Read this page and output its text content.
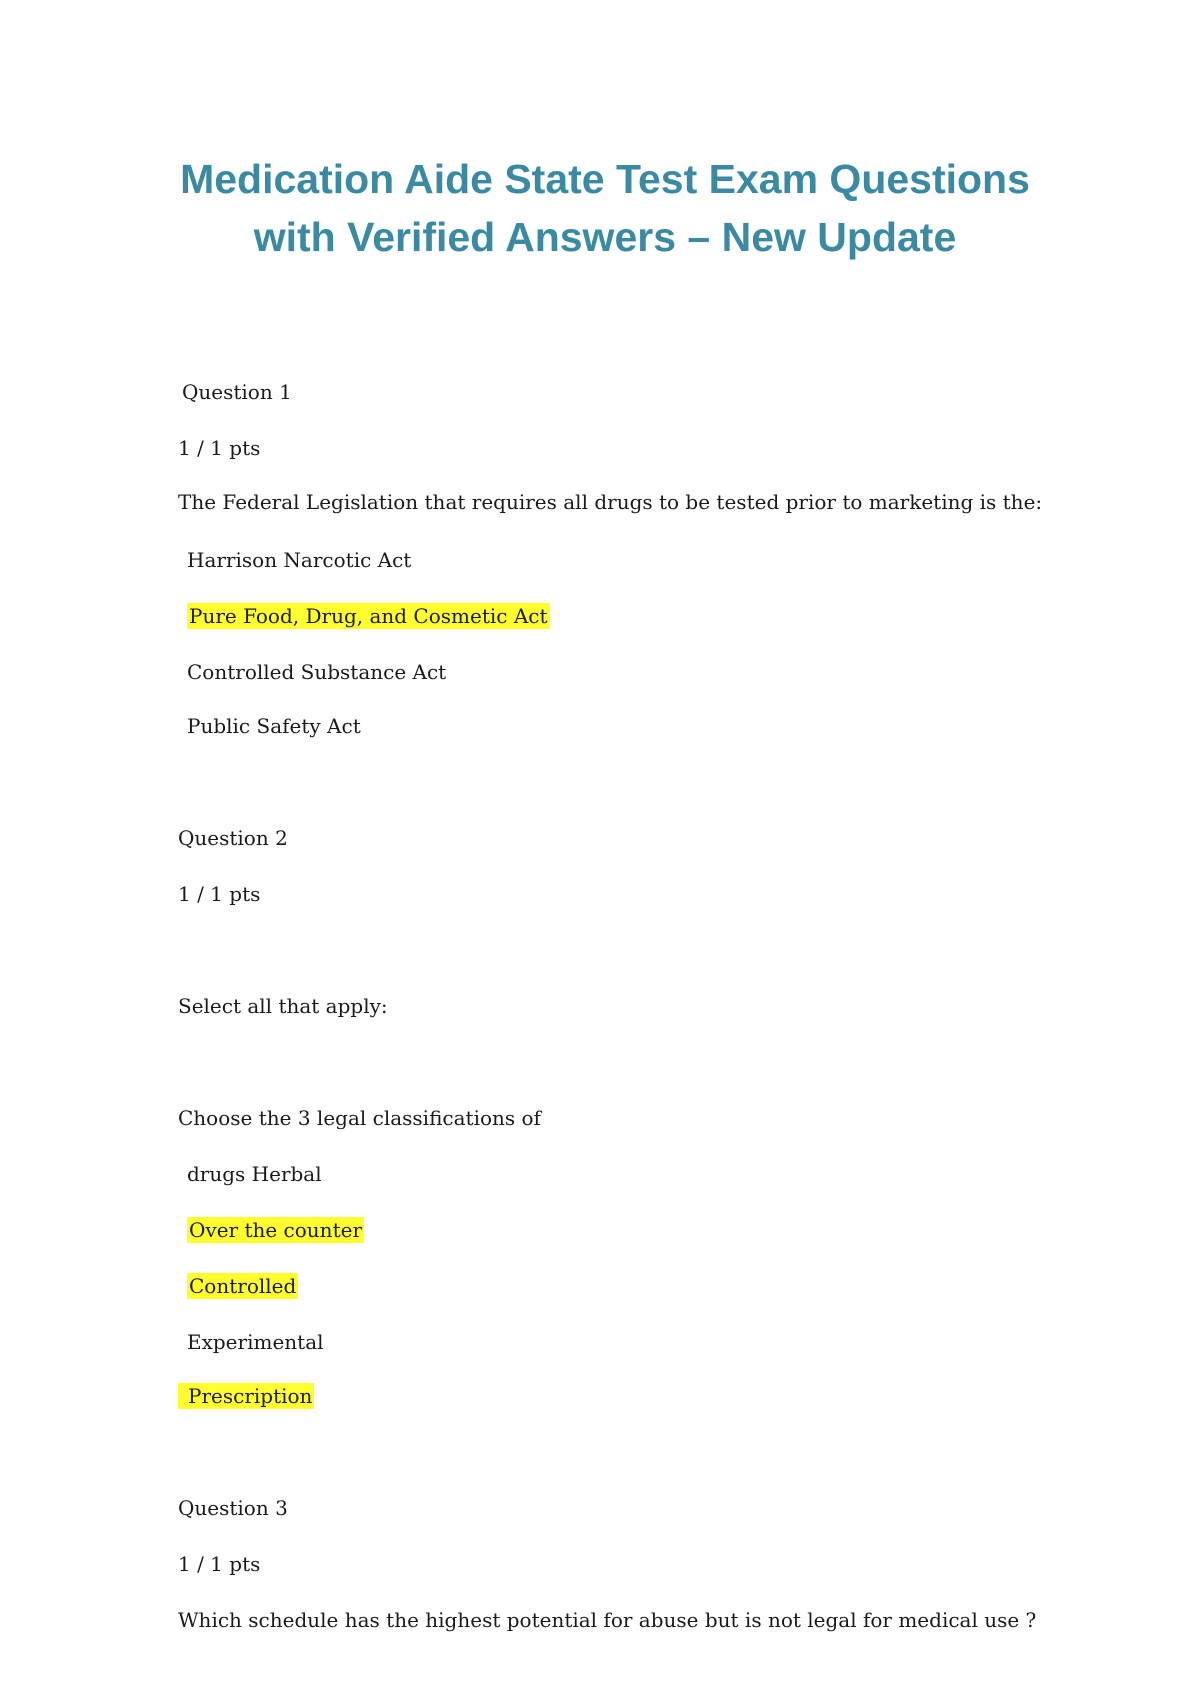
Medication Aide State Test Exam Questions
with Verified Answers – New Update
Question 1
1 / 1 pts
The Federal Legislation that requires all drugs to be tested prior to marketing is the:
Harrison Narcotic Act
Pure Food, Drug, and Cosmetic Act
Controlled Substance Act
Public Safety Act
Question 2
1 / 1 pts
Select all that apply:
Choose the 3 legal classifications of
drugs Herbal
Over the counter
Controlled
Experimental
Prescription
Question 3
1 / 1 pts
Which schedule has the highest potential for abuse but is not legal for medical use ?
